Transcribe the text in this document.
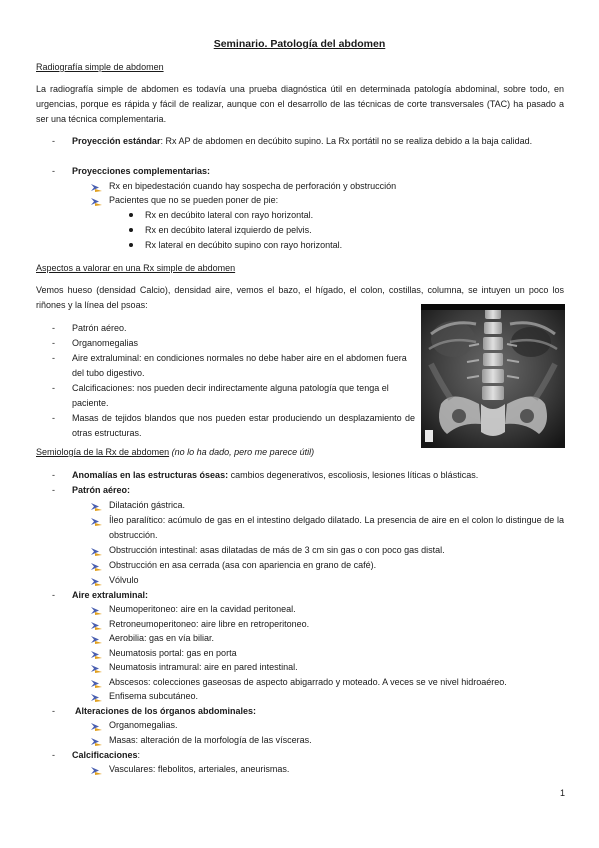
Seminario. Patología del abdomen
Radiografía simple de abdomen
La radiografía simple de abdomen es todavía una prueba diagnóstica útil en determinada patología abdominal, sobre todo, en urgencias, porque es rápida y fácil de realizar, aunque con el desarrollo de las técnicas de corte transversales (TAC) ha pasado a ser una técnica complementaria.
- Proyección estándar: Rx AP de abdomen en decúbito supino. La Rx portátil no se realiza debido a la baja calidad.
- Proyecciones complementarias:
Rx en bipedestación cuando hay sospecha de perforación y obstrucción
Pacientes que no se pueden poner de pie:
Rx en decúbito lateral con rayo horizontal.
Rx en decúbito lateral izquierdo de pelvis.
Rx lateral en decúbito supino con rayo horizontal.
Aspectos a valorar en una Rx simple de abdomen
Vemos hueso (densidad Calcio), densidad aire, vemos el bazo, el hígado, el colon, costillas, columna, se intuyen un poco los riñones y la línea del psoas:
- Patrón aéreo.
- Organomegalias
- Aire extraluminal: en condiciones normales no debe haber aire en el abdomen fuera del tubo digestivo.
- Calcificaciones: nos pueden decir indirectamente alguna patología que tenga el paciente.
- Masas de tejidos blandos que nos pueden estar produciendo un desplazamiento de otras estructuras.
Semiología de la Rx de abdomen (no lo ha dado, pero me parece útil)
- Anomalías en las estructuras óseas: cambios degenerativos, escoliosis, lesiones líticas o blásticas.
- Patrón aéreo:
Dilatación gástrica.
Íleo paralítico: acúmulo de gas en el intestino delgado dilatado. La presencia de aire en el colon lo distingue de la obstrucción.
Obstrucción intestinal: asas dilatadas de más de 3 cm sin gas o con poco gas distal.
Obstrucción en asa cerrada (asa con apariencia en grano de café).
Vólvulo
- Aire extraluminal:
Neumoperitoneo: aire en la cavidad peritoneal.
Retroneumoperitoneo: aire libre en retroperitoneo.
Aerobilia: gas en vía biliar.
Neumatosis portal: gas en porta
Neumatosis intramural: aire en pared intestinal.
Abscesos: colecciones gaseosas de aspecto abigarrado y moteado. A veces se ve nivel hidroaéreo.
Enfisema subcutáneo.
- Alteraciones de los órganos abdominales:
Organomegalias.
Masas: alteración de la morfología de las vísceras.
- Calcificaciones:
Vasculares: flebolitos, arteriales, aneurismas.
1
